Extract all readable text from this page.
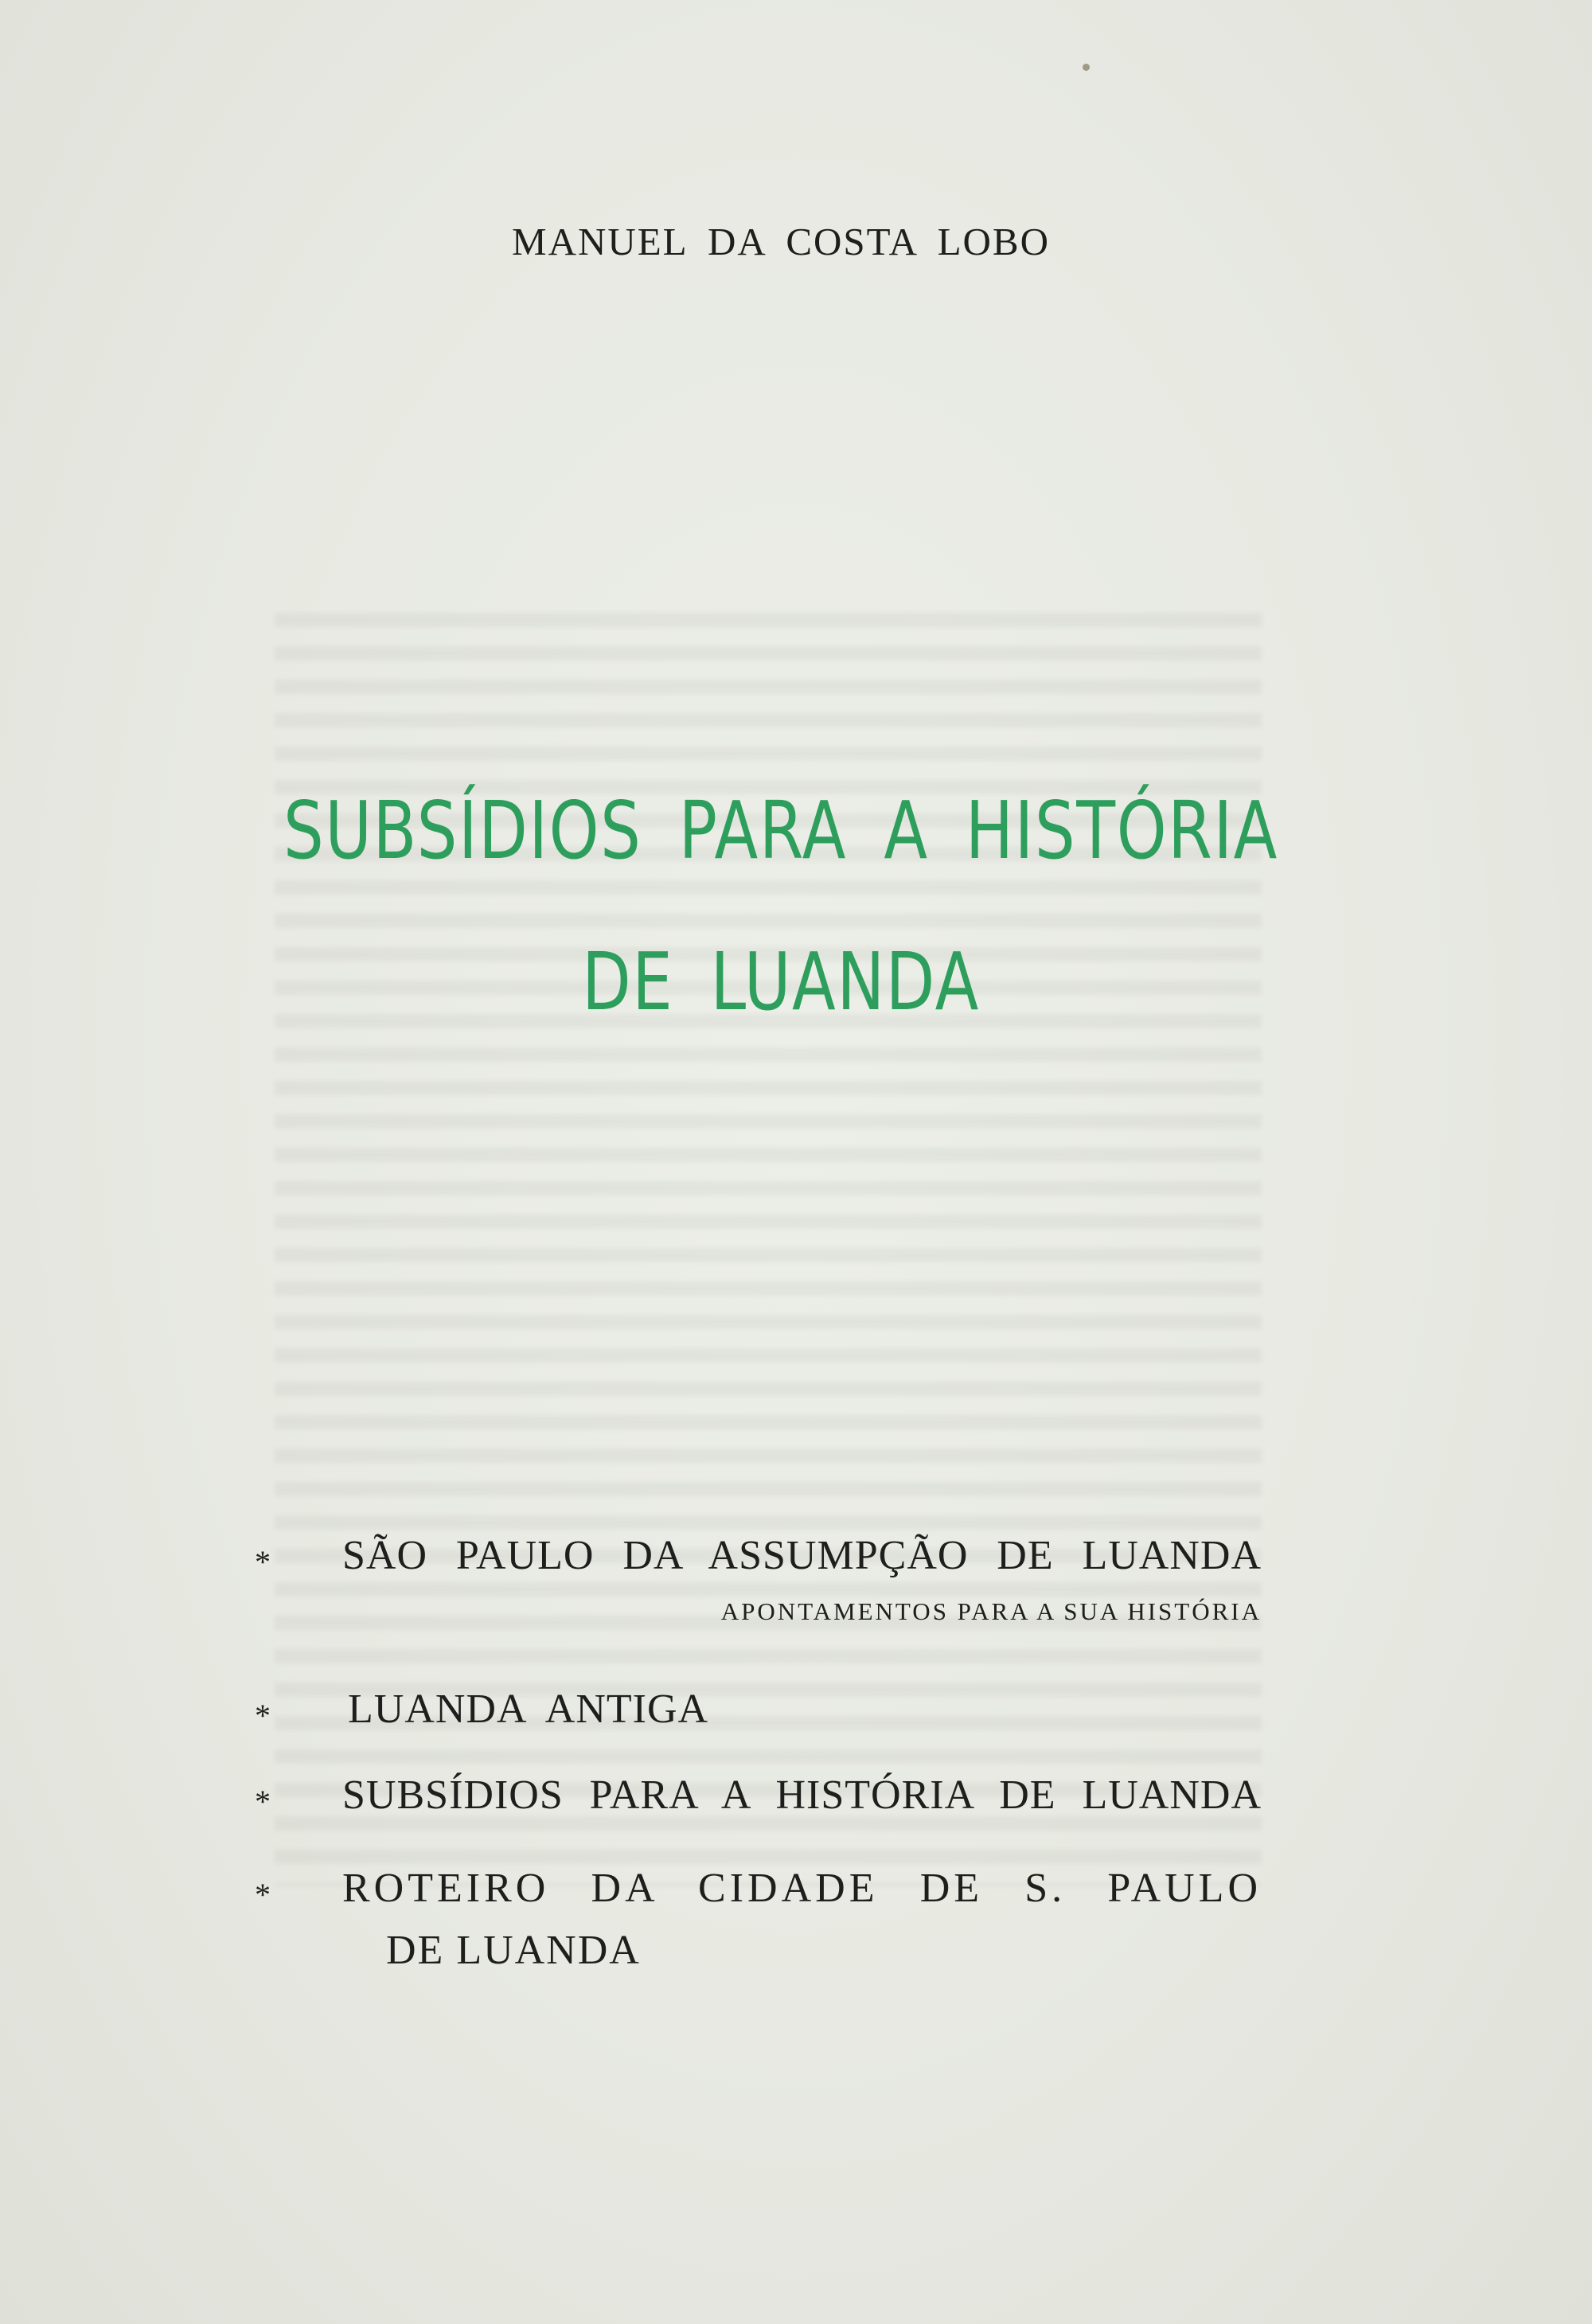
MANUEL DA COSTA LOBO
SUBSÍDIOS PARA A HISTÓRIA
DE LUANDA
* SÃO PAULO DA ASSUMPÇÃO DE LUANDA
APONTAMENTOS PARA A SUA HISTÓRIA
* LUANDA  ANTIGA
* SUBSÍDIOS PARA A HISTÓRIA DE LUANDA
* ROTEIRO DA CIDADE DE S. PAULO
DE LUANDA
